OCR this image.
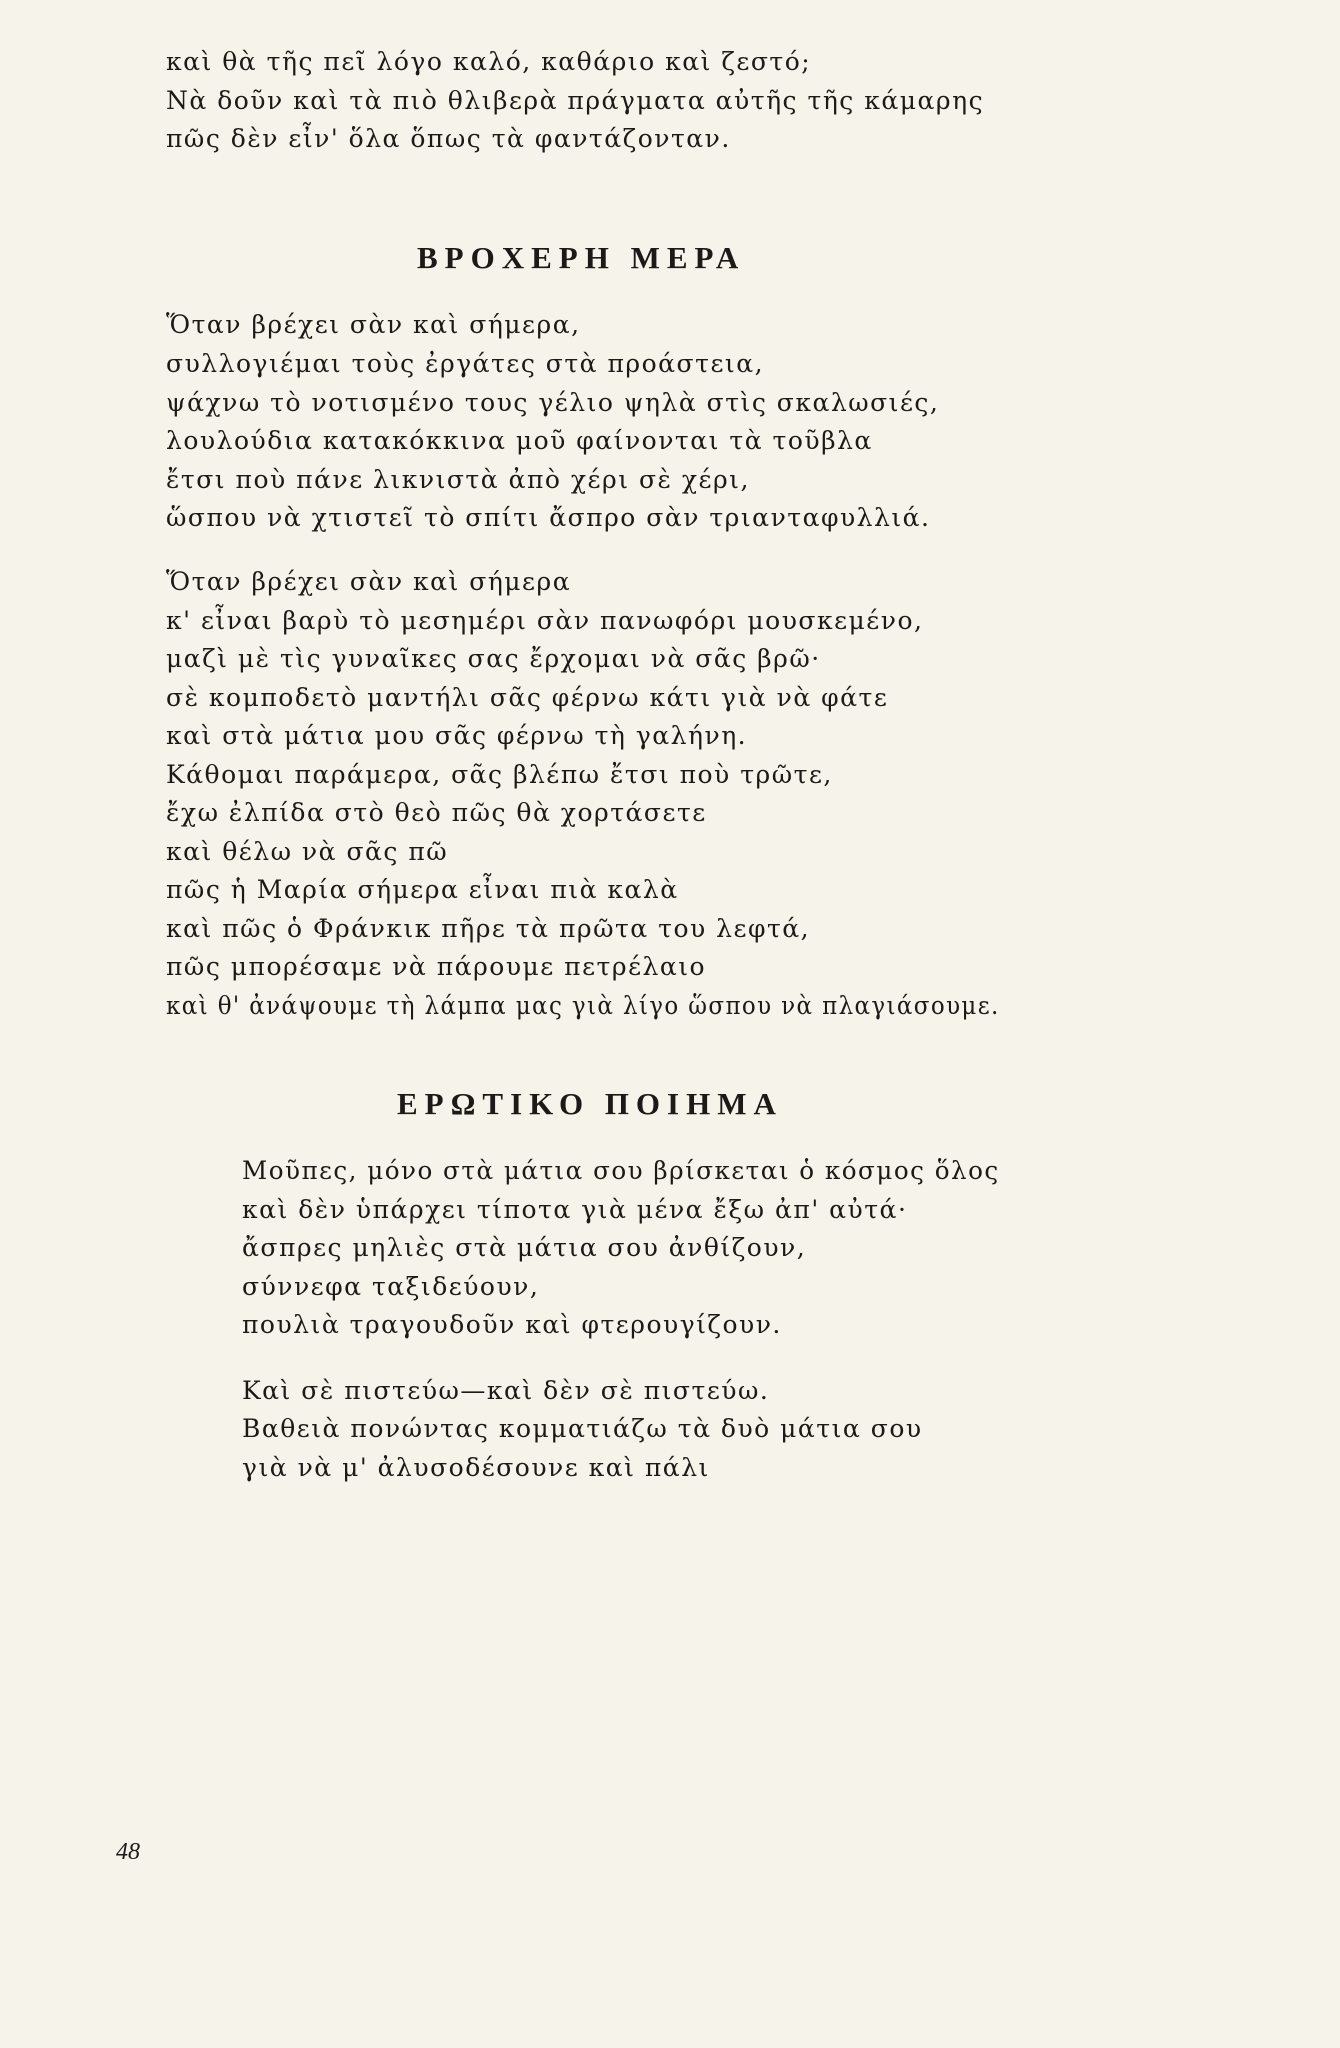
καὶ θὰ τῆς πεῖ λόγο καλό, καθάριο καὶ ζεστό;

Νὰ δοῦν καὶ τὰ πιὸ θλιβερὰ πράγματα αὐτῆς τῆς κάμαρης

πῶς δὲν εἶν' ὅλα ὅπως τὰ φαντάζονταν.

ΒΡΟΧΕΡΗ ΜΕΡΑ

Ὅταν βρέχει σὰν καὶ σήμερα,

συλλογιέμαι τοὺς ἐργάτες στὰ προάστεια,

ψάχνω τὸ νοτισμένο τους γέλιο ψηλὰ στὶς σκαλωσιές,

λουλούδια κατακόκκινα μοῦ φαίνονται τὰ τοῦβλα

ἔτσι ποὺ πάνε λικνιστὰ ἀπὸ χέρι σὲ χέρι,

ὥσπου νὰ χτιστεῖ τὸ σπίτι ἄσπρο σὰν τριανταφυλλιά.

Ὅταν βρέχει σὰν καὶ σήμερα

κ' εἶναι βαρὺ τὸ μεσημέρι σὰν πανωφόρι μουσκεμένο,

μαζὶ μὲ τὶς γυναῖκες σας ἔρχομαι νὰ σᾶς βρῶ·

σὲ κομποδετὸ μαντήλι σᾶς φέρνω κάτι γιὰ νὰ φάτε

καὶ στὰ μάτια μου σᾶς φέρνω τὴ γαλήνη.

Κάθομαι παράμερα, σᾶς βλέπω ἔτσι ποὺ τρῶτε,

ἔχω ἐλπίδα στὸ θεὸ πῶς θὰ χορτάσετε

καὶ θέλω νὰ σᾶς πῶ

πῶς ἡ Μαρία σήμερα εἶναι πιὰ καλὰ

καὶ πῶς ὁ Φράνκικ πῆρε τὰ πρῶτα του λεφτά,

πῶς μπορέσαμε νὰ πάρουμε πετρέλαιο

καὶ θ' ἀνάψουμε τὴ λάμπα μας γιὰ λίγο ὥσπου νὰ πλαγιάσουμε.

ΕΡΩΤΙΚΟ ΠΟΙΗΜΑ

Μοῦπες, μόνο στὰ μάτια σου βρίσκεται ὁ κόσμος ὅλος

καὶ δὲν ὑπάρχει τίποτα γιὰ μένα ἔξω ἀπ' αὐτά·

ἄσπρες μηλιὲς στὰ μάτια σου ἀνθίζουν,

σύννεφα ταξιδεύουν,

πουλιὰ τραγουδοῦν καὶ φτερουγίζουν.

Καὶ σὲ πιστεύω—καὶ δὲν σὲ πιστεύω.

Βαθειὰ πονώντας κομματιάζω τὰ δυὸ μάτια σου

γιὰ νὰ μ' ἀλυσοδέσουνε καὶ πάλι

48
